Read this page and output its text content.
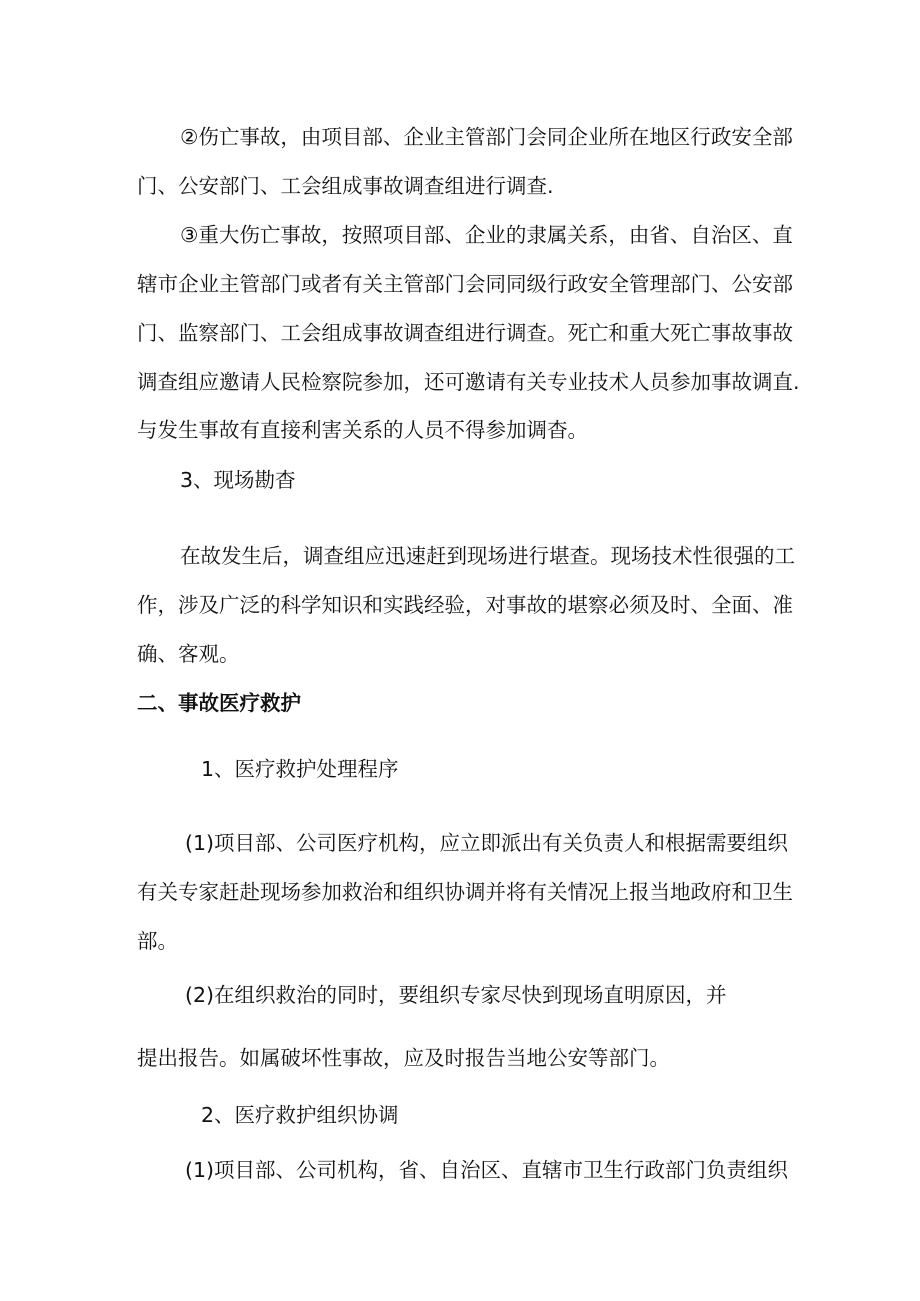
②伤亡事故，由项目部、企业主管部门会同企业所在地区行政安全部
门、公安部门、工会组成事故调查组进行调查.
③重大伤亡事故，按照项目部、企业的隶属关系，由省、自治区、直
辖市企业主管部门或者有关主管部门会同同级行政安全管理部门、公安部
门、监察部门、工会组成事故调查组进行调查。死亡和重大死亡事故事故
调查组应邀请人民检察院参加，还可邀请有关专业技术人员参加事故调直.
与发生事故有直接利害关系的人员不得参加调杳。
3、现场勘杳
在故发生后，调查组应迅速赶到现场进行堪查。现场技术性很强的工
作，涉及广泛的科学知识和实践经验，对事故的堪察必须及时、全面、准
确、客观。
二、事故医疗救护
1、医疗救护处理程序
(1)项目部、公司医疗机构，应立即派出有关负责人和根据需要组织
有关专家赶赴现场参加救治和组织协调并将有关情况上报当地政府和卫生
部。
(2)在组织救治的同时，要组织专家尽快到现场直明原因，并
提出报告。如属破坏性事故，应及时报告当地公安等部门。
2、医疗救护组织协调
(1)项目部、公司机构，省、自治区、直辖市卫生行政部门负责组织
